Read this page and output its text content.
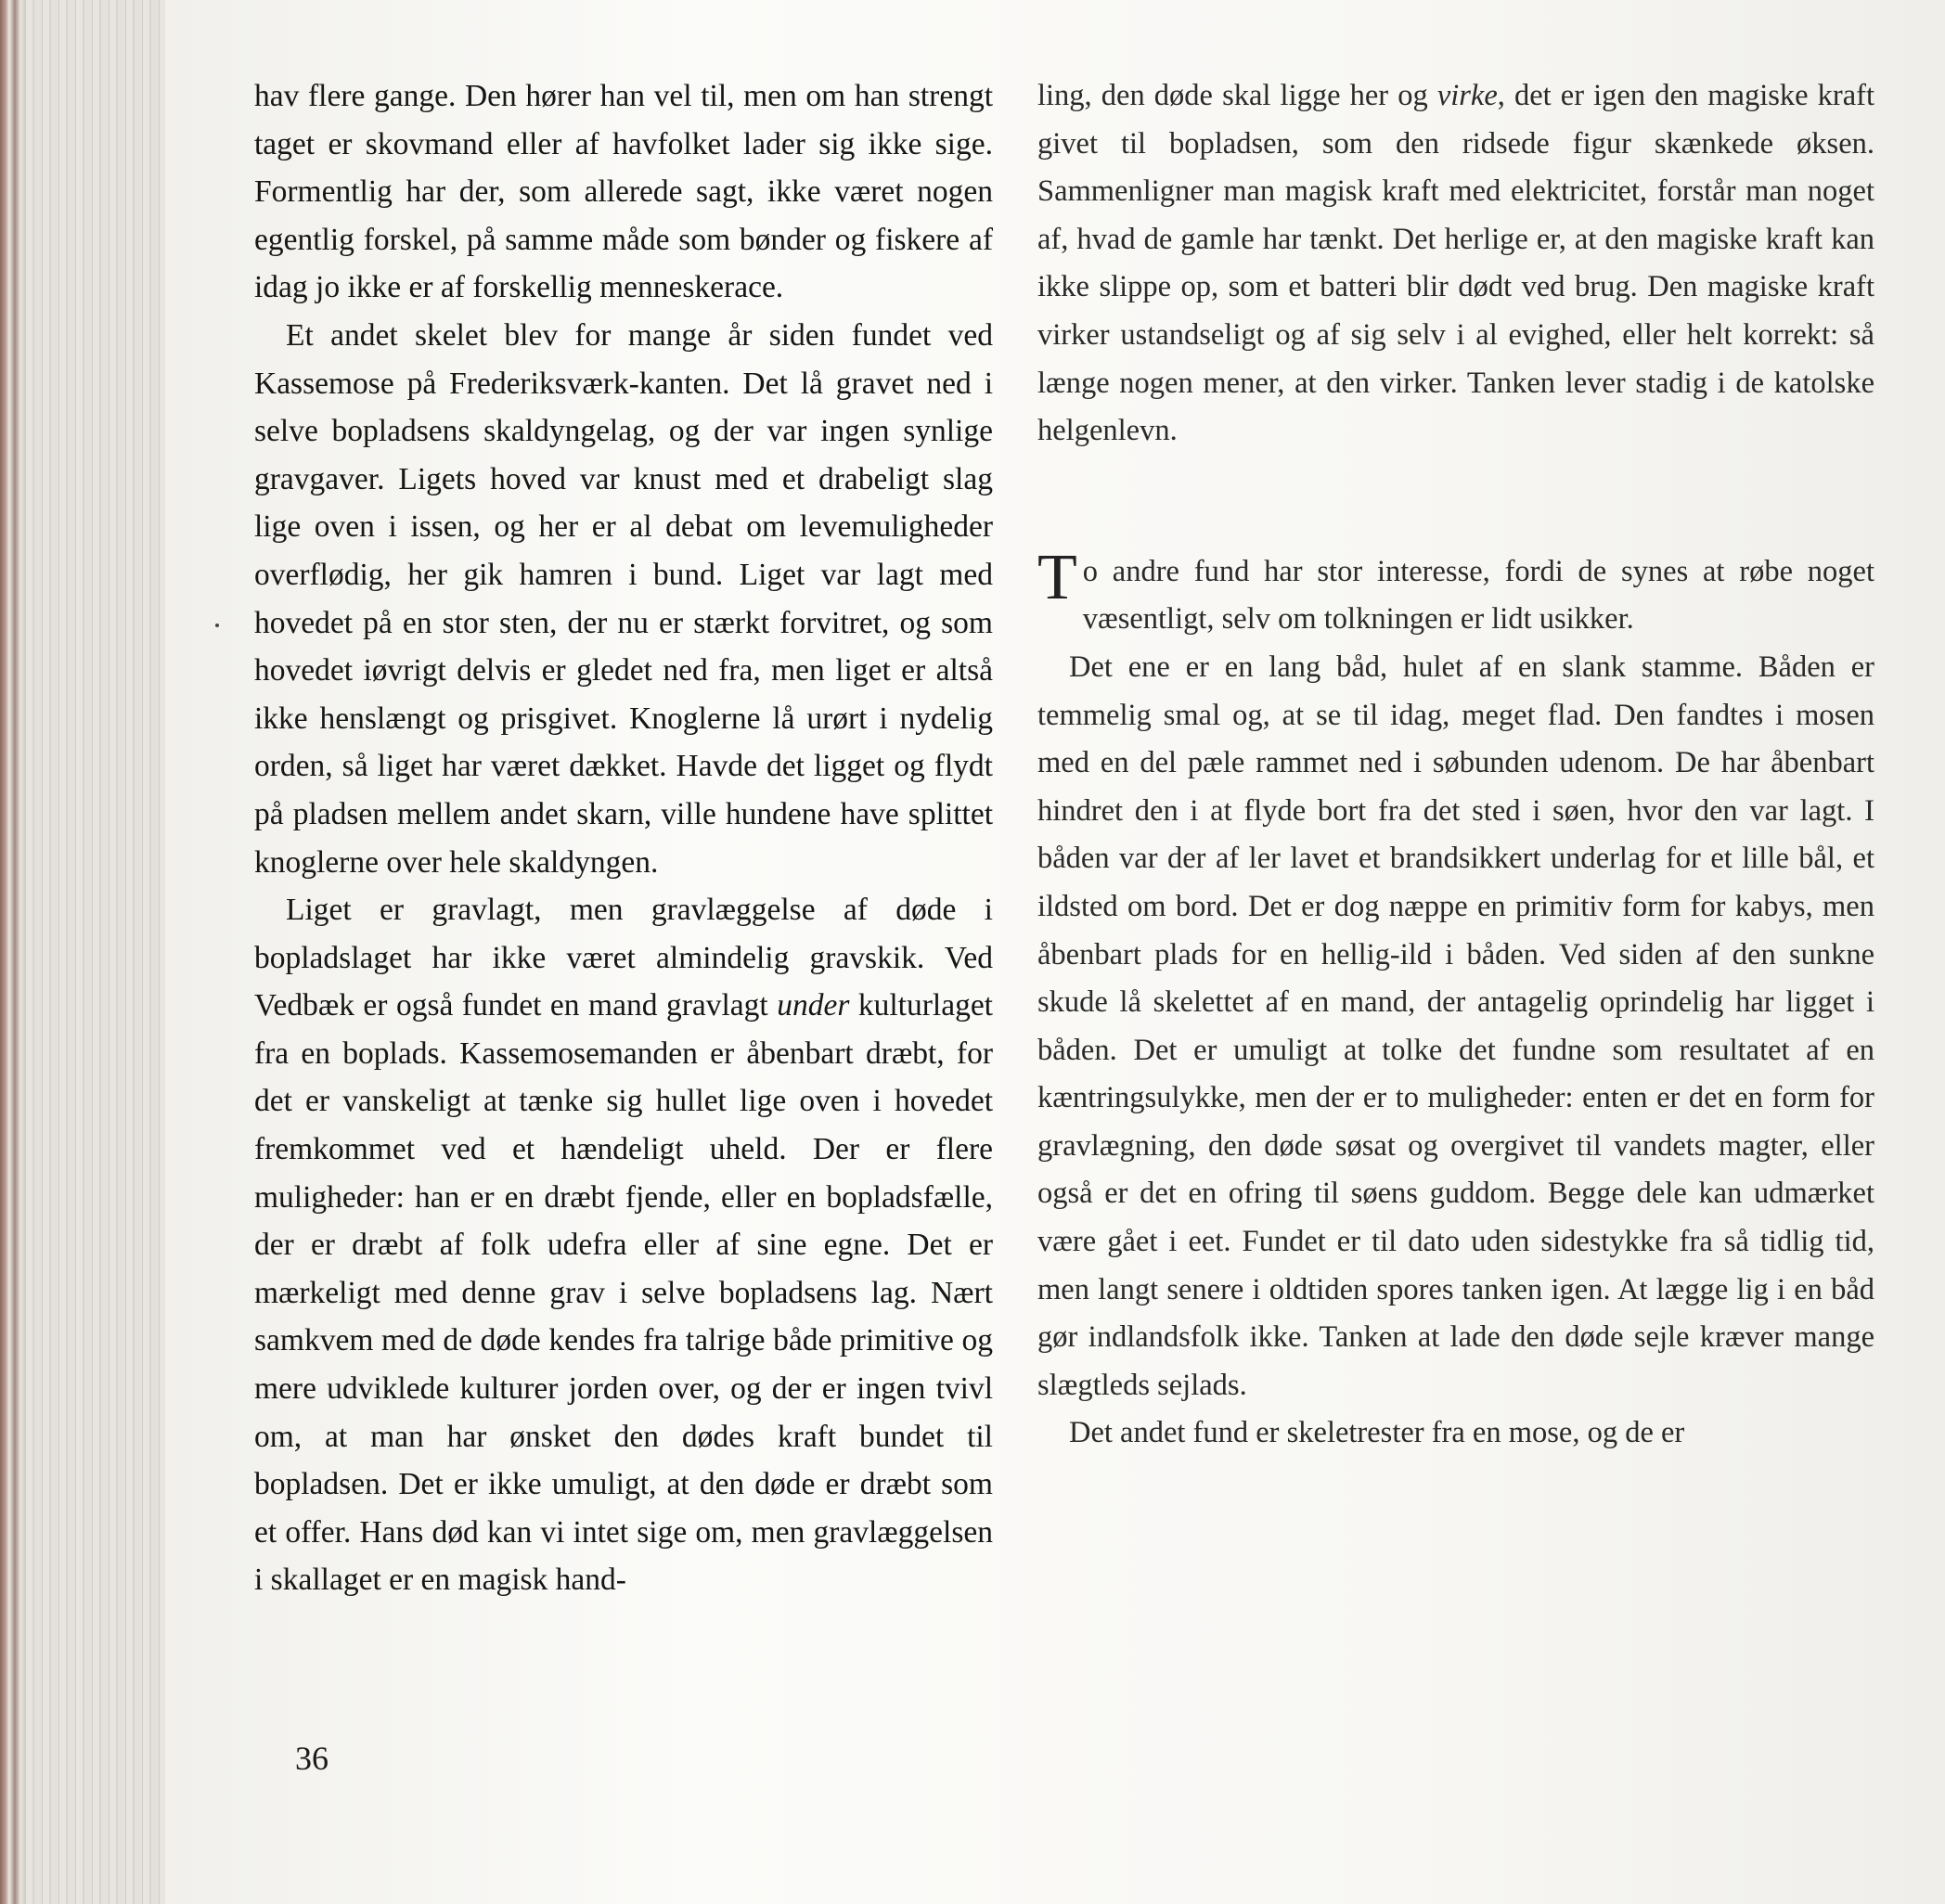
hav flere gange. Den hører han vel til, men om han strengt taget er skovmand eller af havfolket lader sig ikke sige. Formentlig har der, som allerede sagt, ikke været nogen egentlig forskel, på samme måde som bønder og fiskere af idag jo ikke er af forskellig menneskerace.

Et andet skelet blev for mange år siden fundet ved Kassemose på Frederiksværk-kanten. Det lå gravet ned i selve bopladsens skaldyngelag, og der var ingen synlige gravgaver. Ligets hoved var knust med et drabeligt slag lige oven i issen, og her er al debat om levemuligheder overflødig, her gik hamren i bund. Liget var lagt med hovedet på en stor sten, der nu er stærkt forvitret, og som hovedet iøvrigt delvis er gledet ned fra, men liget er altså ikke henslængt og prisgivet. Knoglerne lå urørt i nydelig orden, så liget har været dækket. Havde det ligget og flydt på pladsen mellem andet skarn, ville hundene have splittet knoglerne over hele skaldyngen.

Liget er gravlagt, men gravlæggelse af døde i bopladslaget har ikke været almindelig gravskik. Ved Vedbæk er også fundet en mand gravlagt under kulturlaget fra en boplads. Kassemosemanden er åbenbart dræbt, for det er vanskeligt at tænke sig hullet lige oven i hovedet fremkommet ved et hændeligt uheld. Der er flere muligheder: han er en dræbt fjende, eller en bopladsfælle, der er dræbt af folk udefra eller af sine egne. Det er mærkeligt med denne grav i selve bopladsens lag. Nært samkvem med de døde kendes fra talrige både primitive og mere udviklede kulturer jorden over, og der er ingen tvivl om, at man har ønsket den dødes kraft bundet til bopladsen. Det er ikke umuligt, at den døde er dræbt som et offer. Hans død kan vi intet sige om, men gravlæggelsen i skallaget er en magisk hand-

ling, den døde skal ligge her og virke, det er igen den magiske kraft givet til bopladsen, som den ridsede figur skænkede øksen. Sammenligner man magisk kraft med elektricitet, forstår man noget af, hvad de gamle har tænkt. Det herlige er, at den magiske kraft kan ikke slippe op, som et batteri blir dødt ved brug. Den magiske kraft virker ustandseligt og af sig selv i al evighed, eller helt korrekt: så længe nogen mener, at den virker. Tanken lever stadig i de katolske helgenlevn.

To andre fund har stor interesse, fordi de synes at røbe noget væsentligt, selv om tolkningen er lidt usikker.

Det ene er en lang båd, hulet af en slank stamme. Båden er temmelig smal og, at se til idag, meget flad. Den fandtes i mosen med en del pæle rammet ned i søbunden udenom. De har åbenbart hindret den i at flyde bort fra det sted i søen, hvor den var lagt. I båden var der af ler lavet et brandsikkert underlag for et lille bål, et ildsted om bord. Det er dog næppe en primitiv form for kabys, men åbenbart plads for en hellig-ild i båden. Ved siden af den sunkne skude lå skelettet af en mand, der antagelig oprindelig har ligget i båden. Det er umuligt at tolke det fundne som resultatet af en kæntringsulykke, men der er to muligheder: enten er det en form for gravlægning, den døde søsat og overgivet til vandets magter, eller også er det en ofring til søens guddom. Begge dele kan udmærket være gået i eet. Fundet er til dato uden sidestykke fra så tidlig tid, men langt senere i oldtiden spores tanken igen. At lægge lig i en båd gør indlandsfolk ikke. Tanken at lade den døde sejle kræver mange slægtleds sejlads.

Det andet fund er skeletrester fra en mose, og de er

36
